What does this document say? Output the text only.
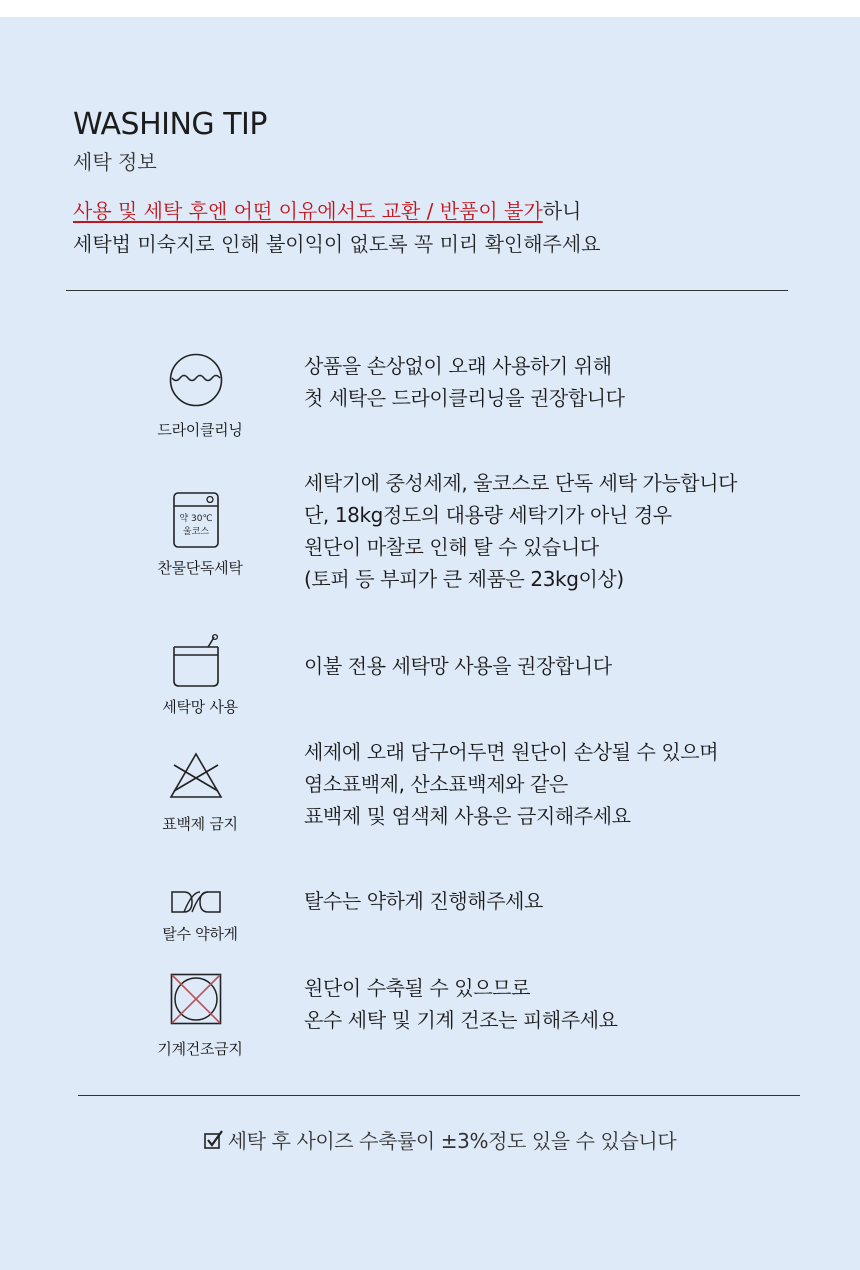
WASHING TIP
세탁 정보
사용 및 세탁 후엔 어떤 이유에서도 교환 / 반품이 불가하니
세탁법 미숙지로 인해 불이익이 없도록 꼭 미리 확인해주세요
드라이클리닝
상품을 손상없이 오래 사용하기 위해
첫 세탁은 드라이클리닝을 권장합니다
약 30℃
울코스
찬물단독세탁
세탁기에 중성세제, 울코스로 단독 세탁 가능합니다
단, 18kg정도의 대용량 세탁기가 아닌 경우
원단이 마찰로 인해 탈 수 있습니다
(토퍼 등 부피가 큰 제품은 23kg이상)
세탁망 사용
이불 전용 세탁망 사용을 권장합니다
표백제 금지
세제에 오래 담구어두면 원단이 손상될 수 있으며
염소표백제, 산소표백제와 같은
표백제 및 염색체 사용은 금지해주세요
탈수 약하게
탈수는 약하게 진행해주세요
기계건조금지
원단이 수축될 수 있으므로
온수 세탁 및 기계 건조는 피해주세요
세탁 후 사이즈 수축률이 ±3%정도 있을 수 있습니다
